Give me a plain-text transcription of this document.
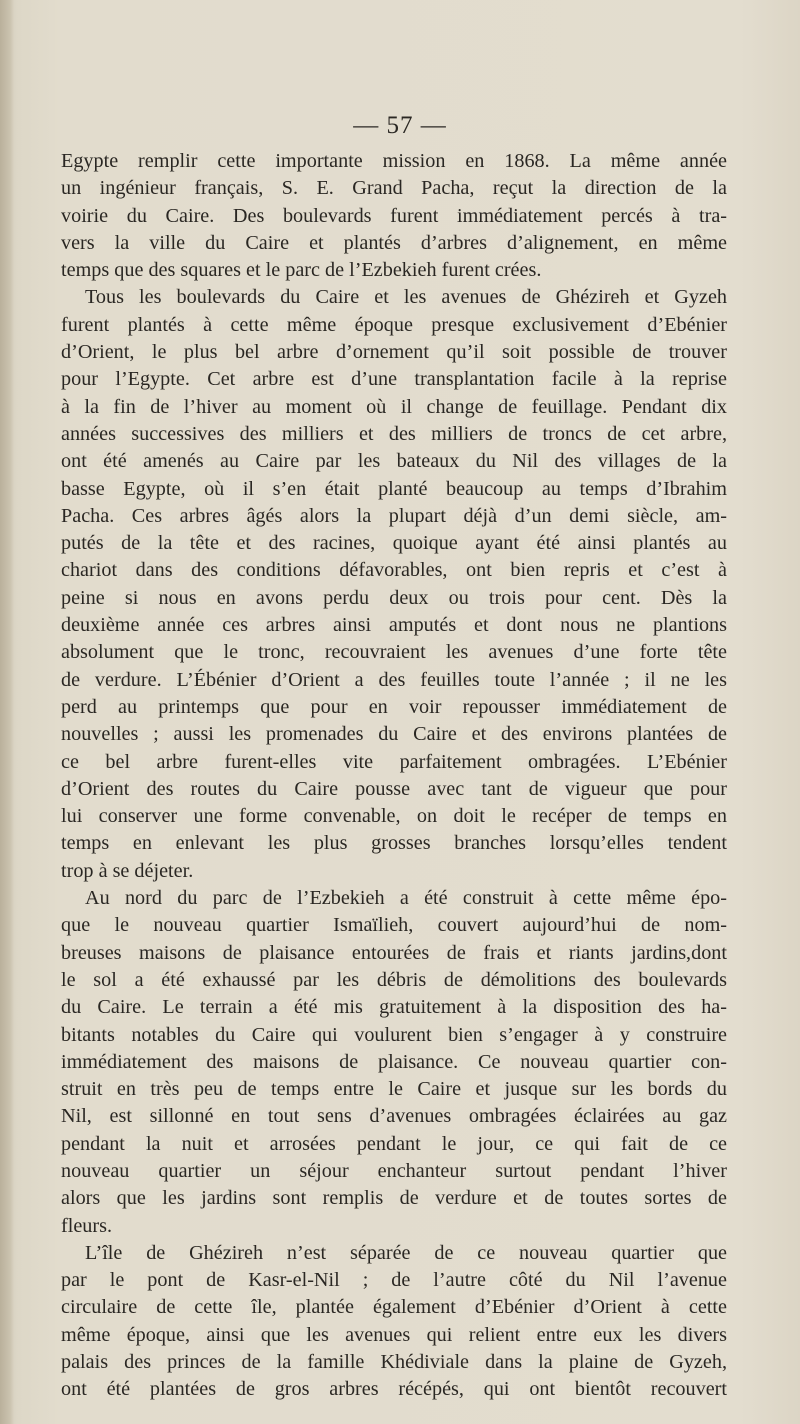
— 57 —
Egypte remplir cette importante mission en 1868. La même année
un ingénieur français, S. E. Grand Pacha, reçut la direction de la
voirie du Caire. Des boulevards furent immédiatement percés à tra-
vers la ville du Caire et plantés d’arbres d’alignement, en même
temps que des squares et le parc de l’Ezbekieh furent crées.
Tous les boulevards du Caire et les avenues de Ghézireh et Gyzeh
furent plantés à cette même époque presque exclusivement d’Ebénier
d’Orient, le plus bel arbre d’ornement qu’il soit possible de trouver
pour l’Egypte. Cet arbre est d’une transplantation facile à la reprise
à la fin de l’hiver au moment où il change de feuillage. Pendant dix
années successives des milliers et des milliers de troncs de cet arbre,
ont été amenés au Caire par les bateaux du Nil des villages de la
basse Egypte, où il s’en était planté beaucoup au temps d’Ibrahim
Pacha. Ces arbres âgés alors la plupart déjà d’un demi siècle, am-
putés de la tête et des racines, quoique ayant été ainsi plantés au
chariot dans des conditions défavorables, ont bien repris et c’est à
peine si nous en avons perdu deux ou trois pour cent. Dès la
deuxième année ces arbres ainsi amputés et dont nous ne plantions
absolument que le tronc, recouvraient les avenues d’une forte tête
de verdure. L’Ébénier d’Orient a des feuilles toute l’année ; il ne les
perd au printemps que pour en voir repousser immédiatement de
nouvelles ; aussi les promenades du Caire et des environs plantées de
ce bel arbre furent-elles vite parfaitement ombragées. L’Ebénier
d’Orient des routes du Caire pousse avec tant de vigueur que pour
lui conserver une forme convenable, on doit le recéper de temps en
temps en enlevant les plus grosses branches lorsqu’elles tendent
trop à se déjeter.
Au nord du parc de l’Ezbekieh a été construit à cette même épo-
que le nouveau quartier Ismaïlieh, couvert aujourd’hui de nom-
breuses maisons de plaisance entourées de frais et riants jardins,dont
le sol a été exhaussé par les débris de démolitions des boulevards
du Caire. Le terrain a été mis gratuitement à la disposition des ha-
bitants notables du Caire qui voulurent bien s’engager à y construire
immédiatement des maisons de plaisance. Ce nouveau quartier con-
struit en très peu de temps entre le Caire et jusque sur les bords du
Nil, est sillonné en tout sens d’avenues ombragées éclairées au gaz
pendant la nuit et arrosées pendant le jour, ce qui fait de ce
nouveau quartier un séjour enchanteur surtout pendant l’hiver
alors que les jardins sont remplis de verdure et de toutes sortes de
fleurs.
L’île de Ghézireh n’est séparée de ce nouveau quartier que
par le pont de Kasr-el-Nil ; de l’autre côté du Nil l’avenue
circulaire de cette île, plantée également d’Ebénier d’Orient à cette
même époque, ainsi que les avenues qui relient entre eux les divers
palais des princes de la famille Khédiviale dans la plaine de Gyzeh,
ont été plantées de gros arbres récépés, qui ont bientôt recouvert
